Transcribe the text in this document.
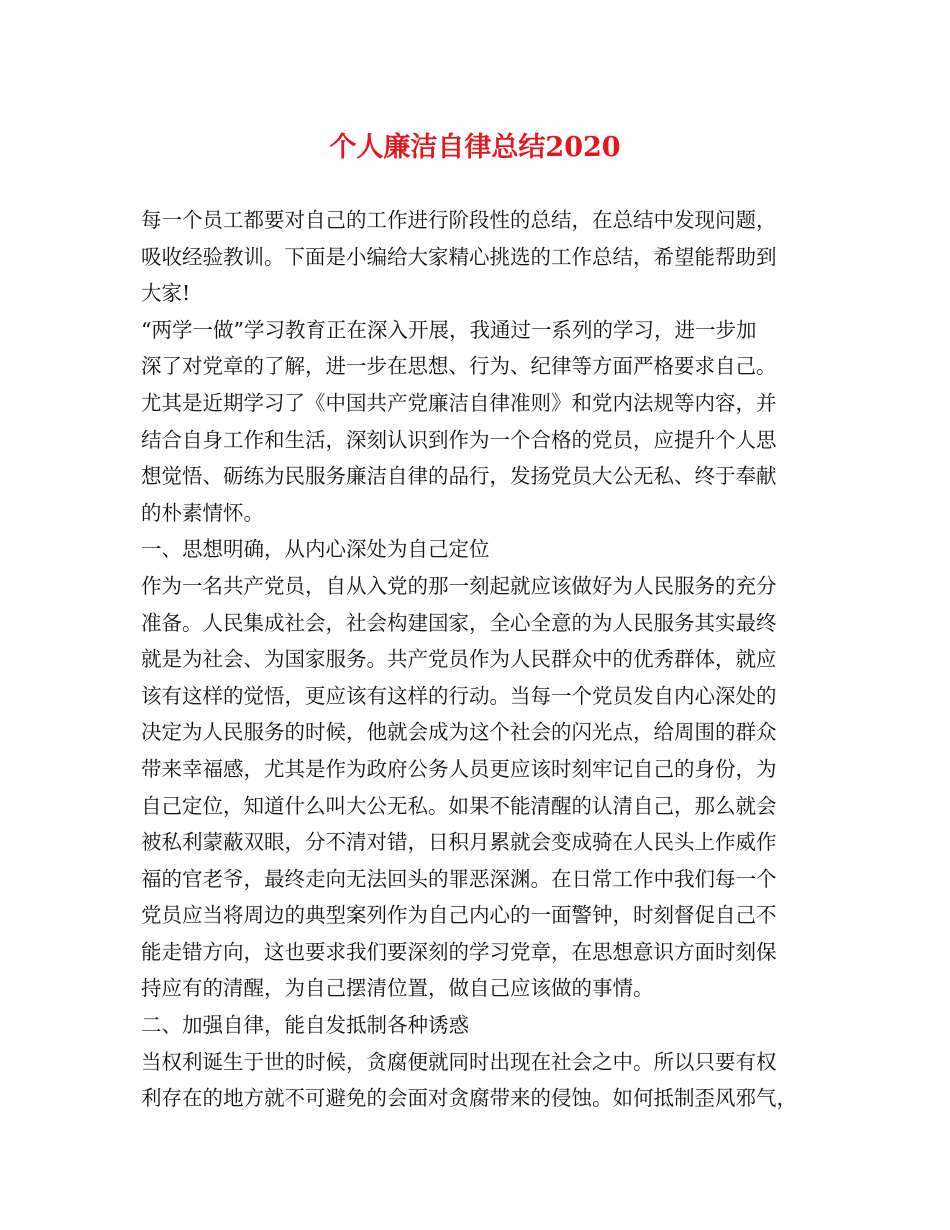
个人廉洁自律总结2020
每一个员工都要对自己的工作进行阶段性的总结，在总结中发现问题，
吸收经验教训。下面是小编给大家精心挑选的工作总结，希望能帮助到
大家!
“两学一做”学习教育正在深入开展，我通过一系列的学习，进一步加
深了对党章的了解，进一步在思想、行为、纪律等方面严格要求自己。
尤其是近期学习了《中国共产党廉洁自律准则》和党内法规等内容，并
结合自身工作和生活，深刻认识到作为一个合格的党员，应提升个人思
想觉悟、砺练为民服务廉洁自律的品行，发扬党员大公无私、终于奉献
的朴素情怀。
一、思想明确，从内心深处为自己定位
作为一名共产党员，自从入党的那一刻起就应该做好为人民服务的充分
准备。人民集成社会，社会构建国家，全心全意的为人民服务其实最终
就是为社会、为国家服务。共产党员作为人民群众中的优秀群体，就应
该有这样的觉悟，更应该有这样的行动。当每一个党员发自内心深处的
决定为人民服务的时候，他就会成为这个社会的闪光点，给周围的群众
带来幸福感，尤其是作为政府公务人员更应该时刻牢记自己的身份，为
自己定位，知道什么叫大公无私。如果不能清醒的认清自己，那么就会
被私利蒙蔽双眼，分不清对错，日积月累就会变成骑在人民头上作威作
福的官老爷，最终走向无法回头的罪恶深渊。在日常工作中我们每一个
党员应当将周边的典型案列作为自己内心的一面警钟，时刻督促自己不
能走错方向，这也要求我们要深刻的学习党章，在思想意识方面时刻保
持应有的清醒，为自己摆清位置，做自己应该做的事情。
二、加强自律，能自发抵制各种诱惑
当权利诞生于世的时候，贪腐便就同时出现在社会之中。所以只要有权
利存在的地方就不可避免的会面对贪腐带来的侵蚀。如何抵制歪风邪气，
